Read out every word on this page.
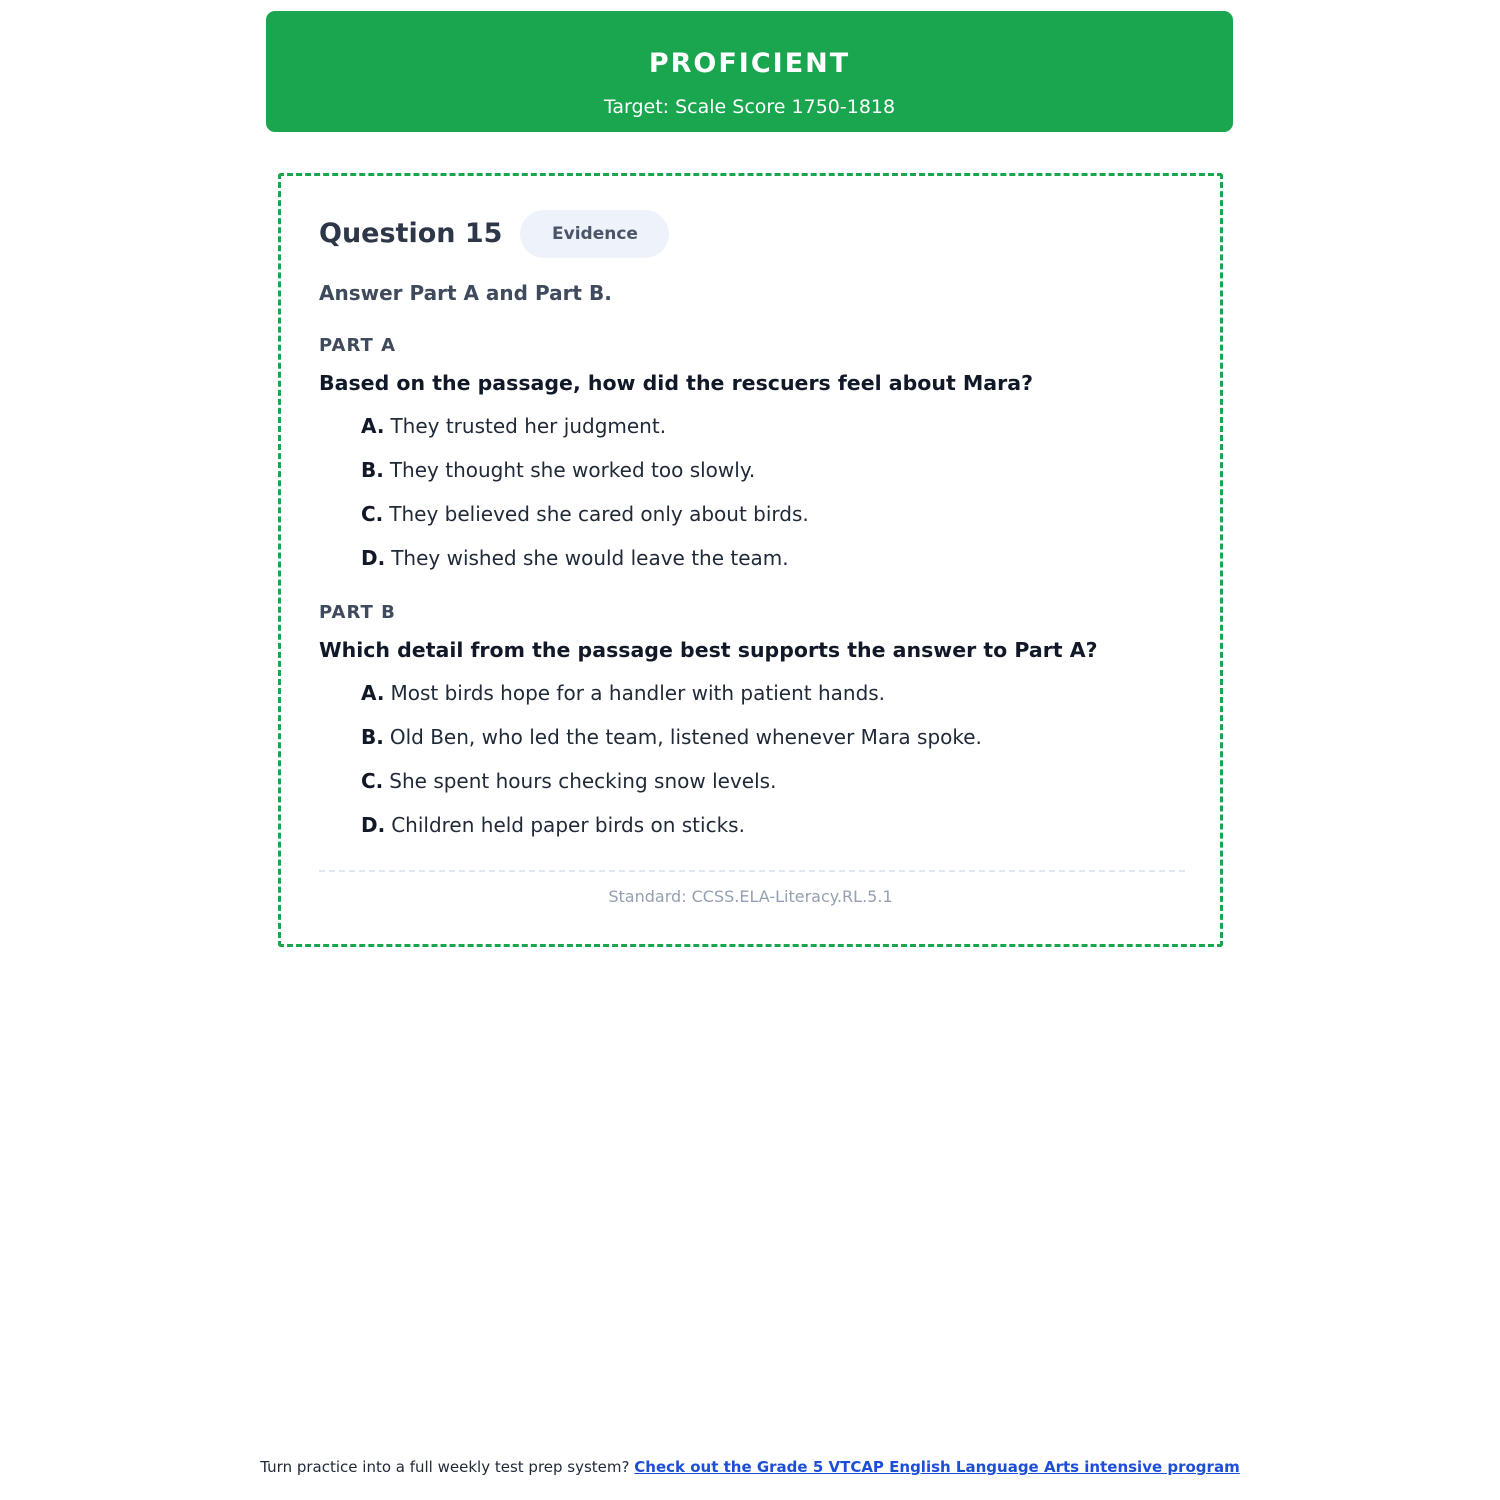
PROFICIENT
Target: Scale Score 1750-1818
Question 15	Evidence
Answer Part A and Part B.
PART A
Based on the passage, how did the rescuers feel about Mara?
A. They trusted her judgment.
B. They thought she worked too slowly.
C. They believed she cared only about birds.
D. They wished she would leave the team.
PART B
Which detail from the passage best supports the answer to Part A?
A. Most birds hope for a handler with patient hands.
B. Old Ben, who led the team, listened whenever Mara spoke.
C. She spent hours checking snow levels.
D. Children held paper birds on sticks.
Standard: CCSS.ELA-Literacy.RL.5.1
Turn practice into a full weekly test prep system? Check out the Grade 5 VTCAP English Language Arts intensive program
